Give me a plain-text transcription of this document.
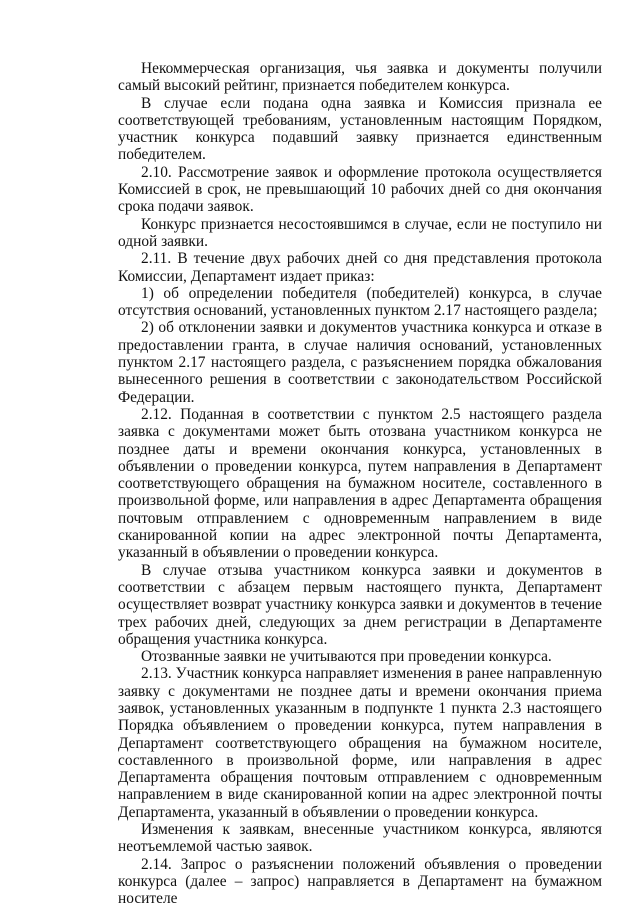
Некоммерческая организация, чья заявка и документы получили самый высокий рейтинг, признается победителем конкурса.

В случае если подана одна заявка и Комиссия признала ее соответствующей требованиям, установленным настоящим Порядком, участник конкурса подавший заявку признается единственным победителем.

2.10. Рассмотрение заявок и оформление протокола осуществляется Комиссией в срок, не превышающий 10 рабочих дней со дня окончания срока подачи заявок.

Конкурс признается несостоявшимся в случае, если не поступило ни одной заявки.

2.11. В течение двух рабочих дней со дня представления протокола Комиссии, Департамент издает приказ:

1) об определении победителя (победителей) конкурса, в случае отсутствия оснований, установленных пунктом 2.17 настоящего раздела;

2) об отклонении заявки и документов участника конкурса и отказе в предоставлении гранта, в случае наличия оснований, установленных пунктом 2.17 настоящего раздела, с разъяснением порядка обжалования вынесенного решения в соответствии с законодательством Российской Федерации.

2.12. Поданная в соответствии с пунктом 2.5 настоящего раздела заявка с документами может быть отозвана участником конкурса не позднее даты и времени окончания конкурса, установленных в объявлении о проведении конкурса, путем направления в Департамент соответствующего обращения на бумажном носителе, составленного в произвольной форме, или направления в адрес Департамента обращения почтовым отправлением с одновременным направлением в виде сканированной копии на адрес электронной почты Департамента, указанный в объявлении о проведении конкурса.

В случае отзыва участником конкурса заявки и документов в соответствии с абзацем первым настоящего пункта, Департамент осуществляет возврат участнику конкурса заявки и документов в течение трех рабочих дней, следующих за днем регистрации в Департаменте обращения участника конкурса.

Отозванные заявки не учитываются при проведении конкурса.

2.13. Участник конкурса направляет изменения в ранее направленную заявку с документами не позднее даты и времени окончания приема заявок, установленных указанным в подпункте 1 пункта 2.3 настоящего Порядка объявлением о проведении конкурса, путем направления в Департамент соответствующего обращения на бумажном носителе, составленного в произвольной форме, или направления в адрес Департамента обращения почтовым отправлением с одновременным направлением в виде сканированной копии на адрес электронной почты Департамента, указанный в объявлении о проведении конкурса.

Изменения к заявкам, внесенные участником конкурса, являются неотъемлемой частью заявок.

2.14. Запрос о разъяснении положений объявления о проведении конкурса (далее – запрос) направляется в Департамент на бумажном носителе
